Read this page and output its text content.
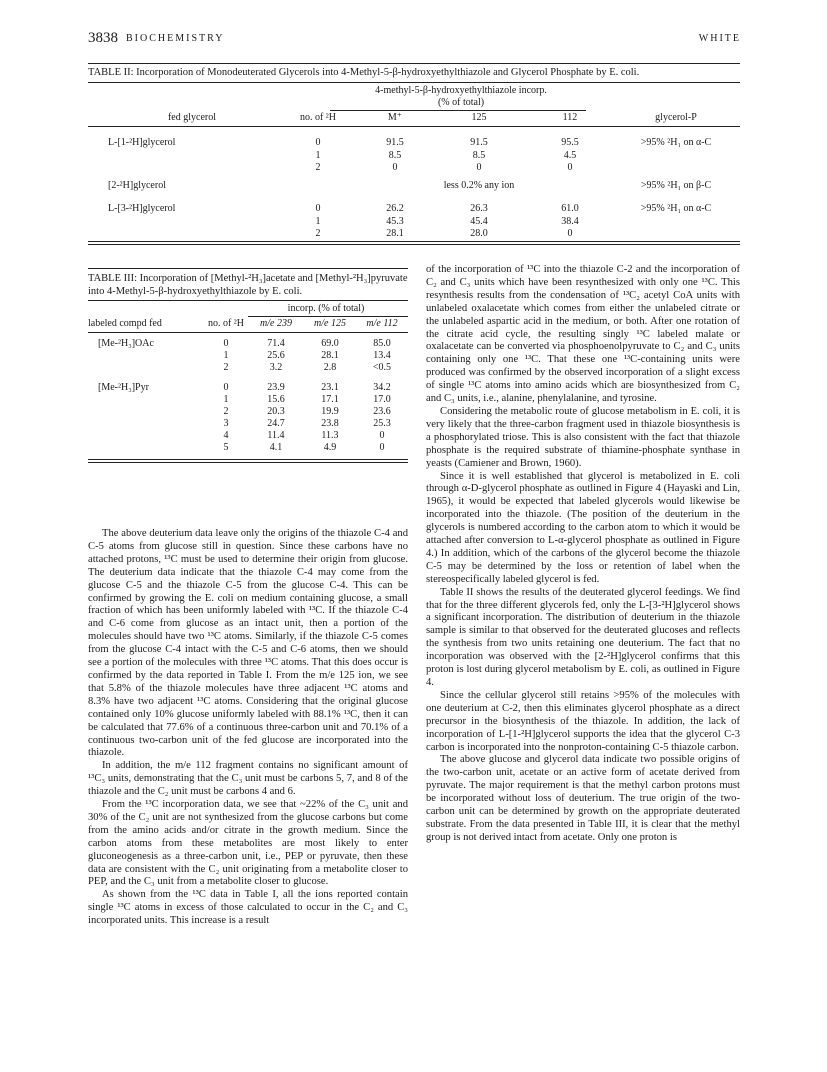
3838 BIOCHEMISTRY	WHITE
TABLE II: Incorporation of Monodeuterated Glycerols into 4-Methyl-5-β-hydroxyethylthiazole and Glycerol Phosphate by E. coli.
4-methyl-5-β-hydroxyethylthiazole incorp.
(% of total)
	fed glycerol	no. of ²H	M⁺	125	112	glycerol-P
	L-[1-²H]glycerol	0	91.5	91.5	95.5	>95% ²H₁ on α-C
		1	8.5	8.5	4.5	
		2	0	0	0	
	[2-²H]glycerol			less 0.2% any ion		>95% ²H₁ on β-C
	L-[3-²H]glycerol	0	26.2	26.3	61.0	>95% ²H₁ on α-C
		1	45.3	45.4	38.4	
		2	28.1	28.0	0	
TABLE III: Incorporation of [Methyl-²H₃]acetate and [Methyl-²H₃]pyruvate into 4-Methyl-5-β-hydroxyethylthiazole by E. coli.
incorp. (% of total)
labeled compd fed	no. of ²H	m/e 239	m/e 125	m/e 112
[Me-²H₃]OAc	0	71.4	69.0	85.0
	1	25.6	28.1	13.4
	2	3.2	2.8	<0.5
[Me-²H₃]Pyr	0	23.9	23.1	34.2
	1	15.6	17.1	17.0
	2	20.3	19.9	23.6
	3	24.7	23.8	25.3
	4	11.4	11.3	0
	5	4.1	4.9	0

The above deuterium data leave only the origins of the thiazole C-4 and C-5 atoms from glucose still in question. Since these carbons have no attached protons, ¹³C must be used to determine their origin from glucose. The deuterium data indicate that the thiazole C-4 may come from the glucose C-5 and the thiazole C-5 from the glucose C-4. This can be confirmed by growing the E. coli on medium containing glucose, a small fraction of which has been uniformly labeled with ¹³C. If the thiazole C-4 and C-6 come from glucose as an intact unit, then a portion of the molecules should have two ¹³C atoms. Similarly, if the thiazole C-5 comes from the glucose C-4 intact with the C-5 and C-6 atoms, then we should see a portion of the molecules with three ¹³C atoms. That this does occur is confirmed by the data reported in Table I. From the m/e 125 ion, we see that 5.8% of the thiazole molecules have three adjacent ¹³C atoms and 8.3% have two adjacent ¹³C atoms. Considering that the original glucose contained only 10% glucose uniformly labeled with 88.1% ¹³C, then it can be calculated that 77.6% of a continuous three-carbon unit and 70.1% of a continuous two-carbon unit of the fed glucose are incorporated into the thiazole.

In addition, the m/e 112 fragment contains no significant amount of ¹³C₃ units, demonstrating that the C₃ unit must be carbons 5, 7, and 8 of the thiazole and the C₂ unit must be carbons 4 and 6.

From the ¹³C incorporation data, we see that ~22% of the C₃ unit and 30% of the C₂ unit are not synthesized from the glucose carbons but come from the amino acids and/or citrate in the growth medium. Since the carbon atoms from these metabolites are most likely to enter gluconeogenesis as a three-carbon unit, i.e., PEP or pyruvate, then these data are consistent with the C₂ unit originating from a metabolite closer to PEP, and the C₃ unit from a metabolite closer to glucose.

As shown from the ¹³C data in Table I, all the ions reported contain single ¹³C atoms in excess of those calculated to occur in the C₂ and C₃ incorporated units. This increase is a result

of the incorporation of ¹³C into the thiazole C-2 and the incorporation of C₂ and C₃ units which have been resynthesized with only one ¹³C. This resynthesis results from the condensation of ¹³C₂ acetyl CoA units with unlabeled oxalacetate which comes from either the unlabeled citrate or the unlabeled aspartic acid in the medium, or both. After one rotation of the citrate acid cycle, the resulting singly ¹³C labeled malate or oxalacetate can be converted via phosphoenolpyruvate to C₂ and C₃ units containing only one ¹³C. That these one ¹³C-containing units were produced was confirmed by the observed incorporation of a slight excess of single ¹³C atoms into amino acids which are biosynthesized from C₂ and C₃ units, i.e., alanine, phenylalanine, and tyrosine.

Considering the metabolic route of glucose metabolism in E. coli, it is very likely that the three-carbon fragment used in thiazole biosynthesis is a phosphorylated triose. This is also consistent with the fact that thiazole phosphate is the required substrate of thiamine-phosphate synthase in yeasts (Camiener and Brown, 1960).

Since it is well established that glycerol is metabolized in E. coli through α-D-glycerol phosphate as outlined in Figure 4 (Hayaski and Lin, 1965), it would be expected that labeled glycerols would likewise be incorporated into the thiazole. (The position of the deuterium in the glycerols is numbered according to the carbon atom to which it would be attached after conversion to L-α-glycerol phosphate as outlined in Figure 4.) In addition, which of the carbons of the glycerol become the thiazole C-5 may be determined by the loss or retention of label when the stereospecifically labeled glycerol is fed.

Table II shows the results of the deuterated glycerol feedings. We find that for the three different glycerols fed, only the L-[3-²H]glycerol shows a significant incorporation. The distribution of deuterium in the thiazole sample is similar to that observed for the deuterated glucoses and reflects the synthesis from two units retaining one deuterium. The fact that no incorporation was observed with the [2-²H]glycerol confirms that this proton is lost during glycerol metabolism by E. coli, as outlined in Figure 4.

Since the cellular glycerol still retains >95% of the molecules with one deuterium at C-2, then this eliminates glycerol phosphate as a direct precursor in the biosynthesis of the thiazole. In addition, the lack of incorporation of L-[1-²H]glycerol supports the idea that the glycerol C-3 carbon is incorporated into the nonproton-containing C-5 thiazole carbon.

The above glucose and glycerol data indicate two possible origins of the two-carbon unit, acetate or an active form of acetate derived from pyruvate. The major requirement is that the methyl carbon protons must be incorporated without loss of deuterium. The true origin of the two-carbon unit can be determined by growth on the appropriate deuterated substrate. From the data presented in Table III, it is clear that the methyl group is not derived intact from acetate. Only one proton is
